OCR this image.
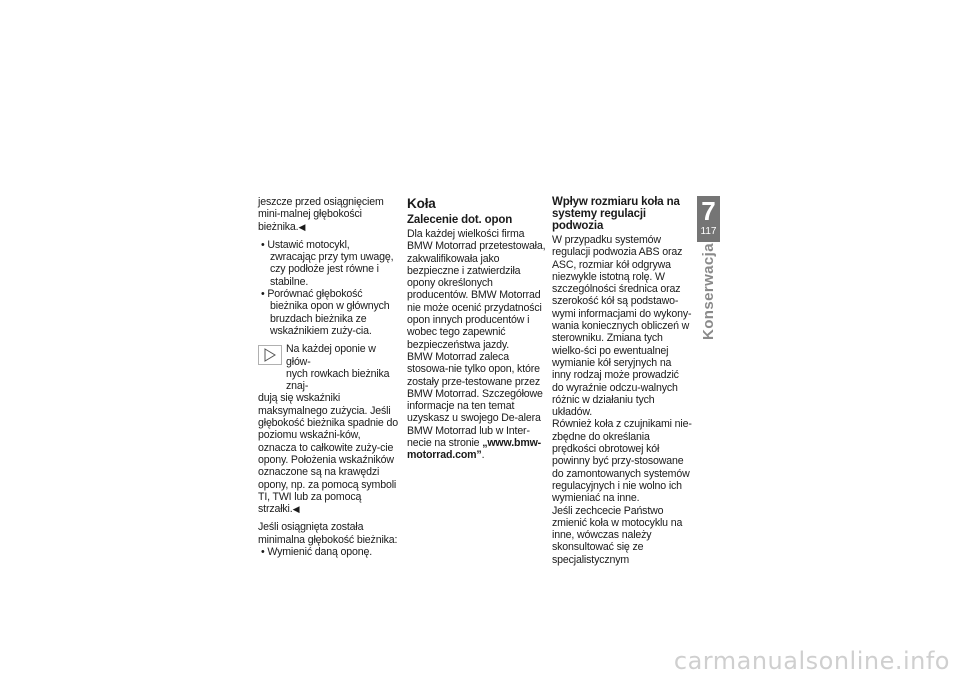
jeszcze przed osiągnięciem mini-malnej głębokości bieżnika.◀

• Ustawić motocykl, zwracając przy tym uwagę, czy podłoże jest równe i stabilne.

• Porównać głębokość bieżnika opon w głównych bruzdach bieżnika ze wskaźnikiem zuży-cia.

Na każdej oponie w głów-

nych rowkach bieżnika znaj-

dują się wskaźniki maksymalnego zużycia. Jeśli głębokość bieżnika spadnie do poziomu wskaźni-ków, oznacza to całkowite zuży-cie opony. Położenia wskaźników oznaczone są na krawędzi opony, np. za pomocą symboli TI, TWI lub za pomocą strzałki.◀

Jeśli osiągnięta została minimalna głębokość bieżnika:

• Wymienić daną oponę.

Koła

Zalecenie dot. opon

Dla każdej wielkości firma BMW Motorrad przetestowała, zakwalifikowała jako bezpieczne i zatwierdziła opony określonych producentów. BMW Motorrad nie może ocenić przydatności opon innych producentów i wobec tego zapewnić bezpieczeństwa jazdy.

BMW Motorrad zaleca stosowa-nie tylko opon, które zostały prze-testowane przez BMW Motorrad. Szczegółowe informacje na ten temat uzyskasz u swojego De-alera BMW Motorrad lub w Inter-necie na stronie „www.bmw-motorrad.com”.

Wpływ rozmiaru koła na systemy regulacji podwozia

W przypadku systemów regulacji podwozia ABS oraz ASC, rozmiar kół odgrywa niezwykle istotną rolę. W szczególności średnica oraz szerokość kół są podstawo-wymi informacjami do wykony-wania koniecznych obliczeń w sterowniku. Zmiana tych wielko-ści po ewentualnej wymianie kół seryjnych na inny rodzaj może prowadzić do wyraźnie odczu-walnych różnic w działaniu tych układów.

Również koła z czujnikami nie-zbędne do określania prędkości obrotowej kół powinny być przy-stosowane do zamontowanych systemów regulacyjnych i nie wolno ich wymieniać na inne.

Jeśli zechcecie Państwo zmienić koła w motocyklu na inne, wówczas należy skonsultować się ze specjalistycznym

7
117
Konserwacja
carmanualsonline.info
